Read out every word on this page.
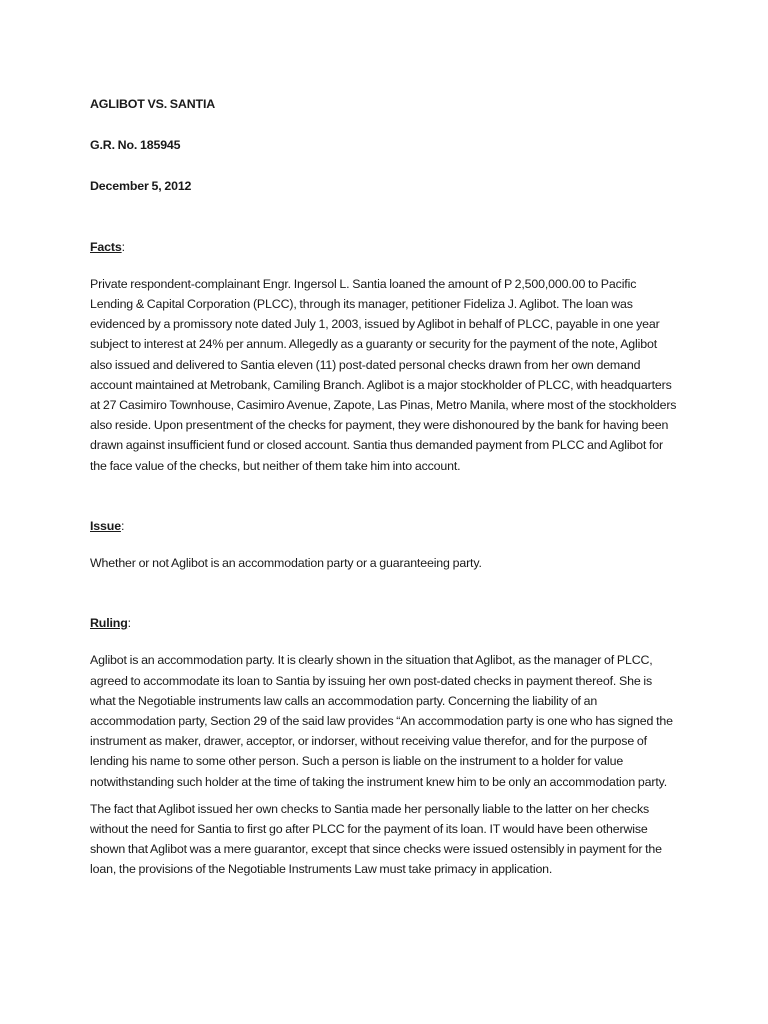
AGLIBOT VS. SANTIA
G.R. No. 185945
December 5, 2012
Facts:

Private respondent-complainant Engr. Ingersol L. Santia loaned the amount of P 2,500,000.00 to Pacific Lending & Capital Corporation (PLCC), through its manager, petitioner Fideliza J. Aglibot. The loan was evidenced by a promissory note dated July 1, 2003, issued by Aglibot in behalf of PLCC, payable in one year subject to interest at 24% per annum. Allegedly as a guaranty or security for the payment of the note, Aglibot also issued and delivered to Santia eleven (11) post-dated personal checks drawn from her own demand account maintained at Metrobank, Camiling Branch. Aglibot is a major stockholder of PLCC, with headquarters at 27 Casimiro Townhouse, Casimiro Avenue, Zapote, Las Pinas, Metro Manila, where most of the stockholders also reside. Upon presentment of the checks for payment, they were dishonoured by the bank for having been drawn against insufficient fund or closed account. Santia thus demanded payment from PLCC and Aglibot for the face value of the checks, but neither of them take him into account.

Issue:

Whether or not Aglibot is an accommodation party or a guaranteeing party.

Ruling:

Aglibot is an accommodation party. It is clearly shown in the situation that Aglibot, as the manager of PLCC, agreed to accommodate its loan to Santia by issuing her own post-dated checks in payment thereof. She is what the Negotiable instruments law calls an accommodation party. Concerning the liability of an accommodation party, Section 29 of the said law provides “An accommodation party is one who has signed the instrument as maker, drawer, acceptor, or indorser, without receiving value therefor, and for the purpose of lending his name to some other person. Such a person is liable on the instrument to a holder for value notwithstanding such holder at the time of taking the instrument knew him to be only an accommodation party.

The fact that Aglibot issued her own checks to Santia made her personally liable to the latter on her checks without the need for Santia to first go after PLCC for the payment of its loan. IT would have been otherwise shown that Aglibot was a mere guarantor, except that since checks were issued ostensibly in payment for the loan, the provisions of the Negotiable Instruments Law must take primacy in application.
